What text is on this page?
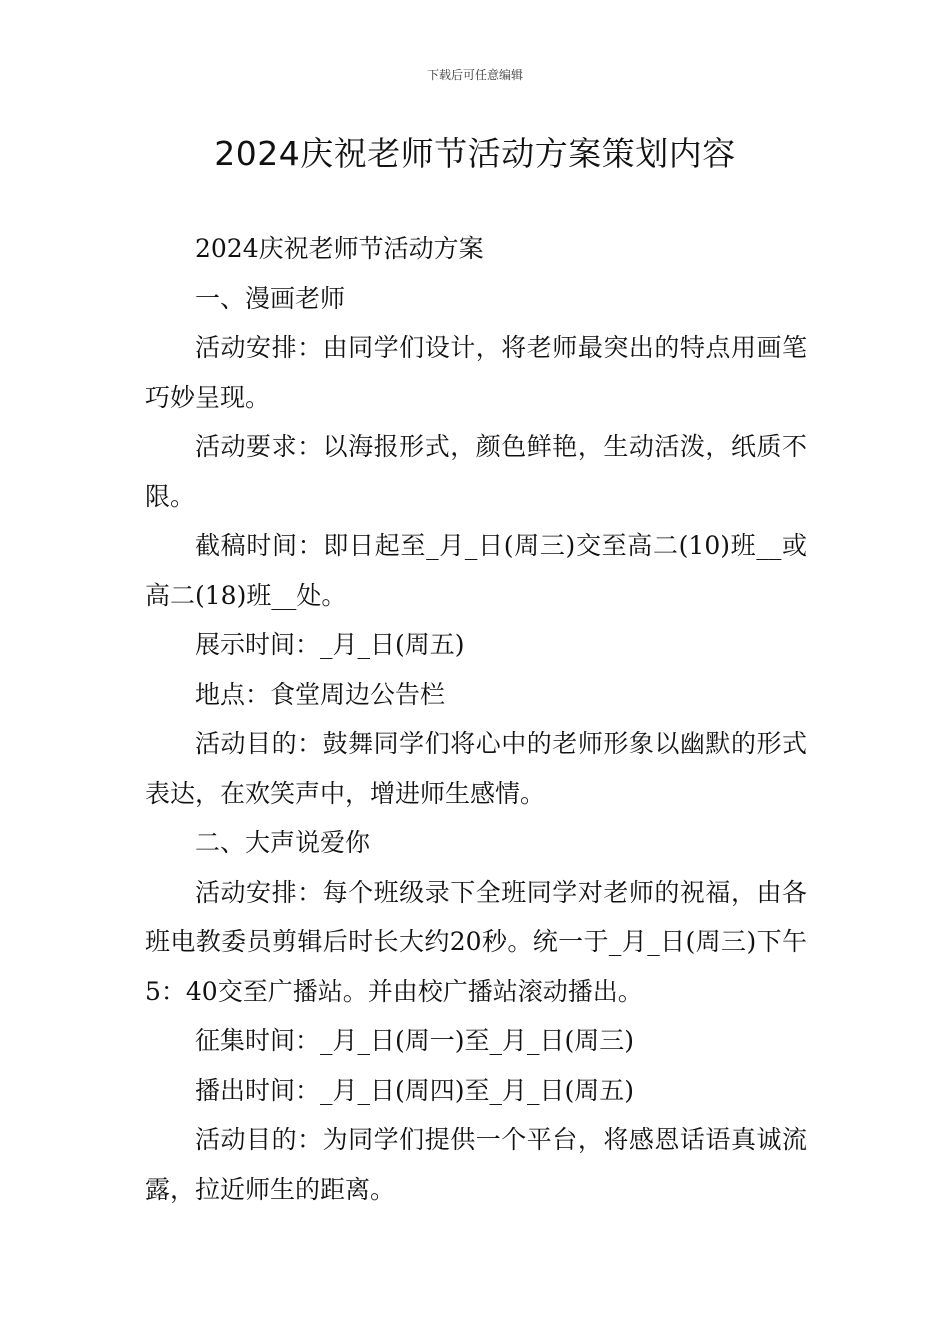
下载后可任意编辑
2024庆祝老师节活动方案策划内容

2024庆祝老师节活动方案

一、漫画老师

活动安排：由同学们设计，将老师最突出的特点用画笔巧妙呈现。

活动要求：以海报形式，颜色鲜艳，生动活泼，纸质不限。

截稿时间：即日起至_月_日(周三)交至高二(10)班__或高二(18)班__处。

展示时间：_月_日(周五)

地点：食堂周边公告栏

活动目的：鼓舞同学们将心中的老师形象以幽默的形式表达，在欢笑声中，增进师生感情。

二、大声说爱你

活动安排：每个班级录下全班同学对老师的祝福，由各班电教委员剪辑后时长大约20秒。统一于_月_日(周三)下午5：40交至广播站。并由校广播站滚动播出。

征集时间：_月_日(周一)至_月_日(周三)

播出时间：_月_日(周四)至_月_日(周五)

活动目的：为同学们提供一个平台，将感恩话语真诚流露，拉近师生的距离。
